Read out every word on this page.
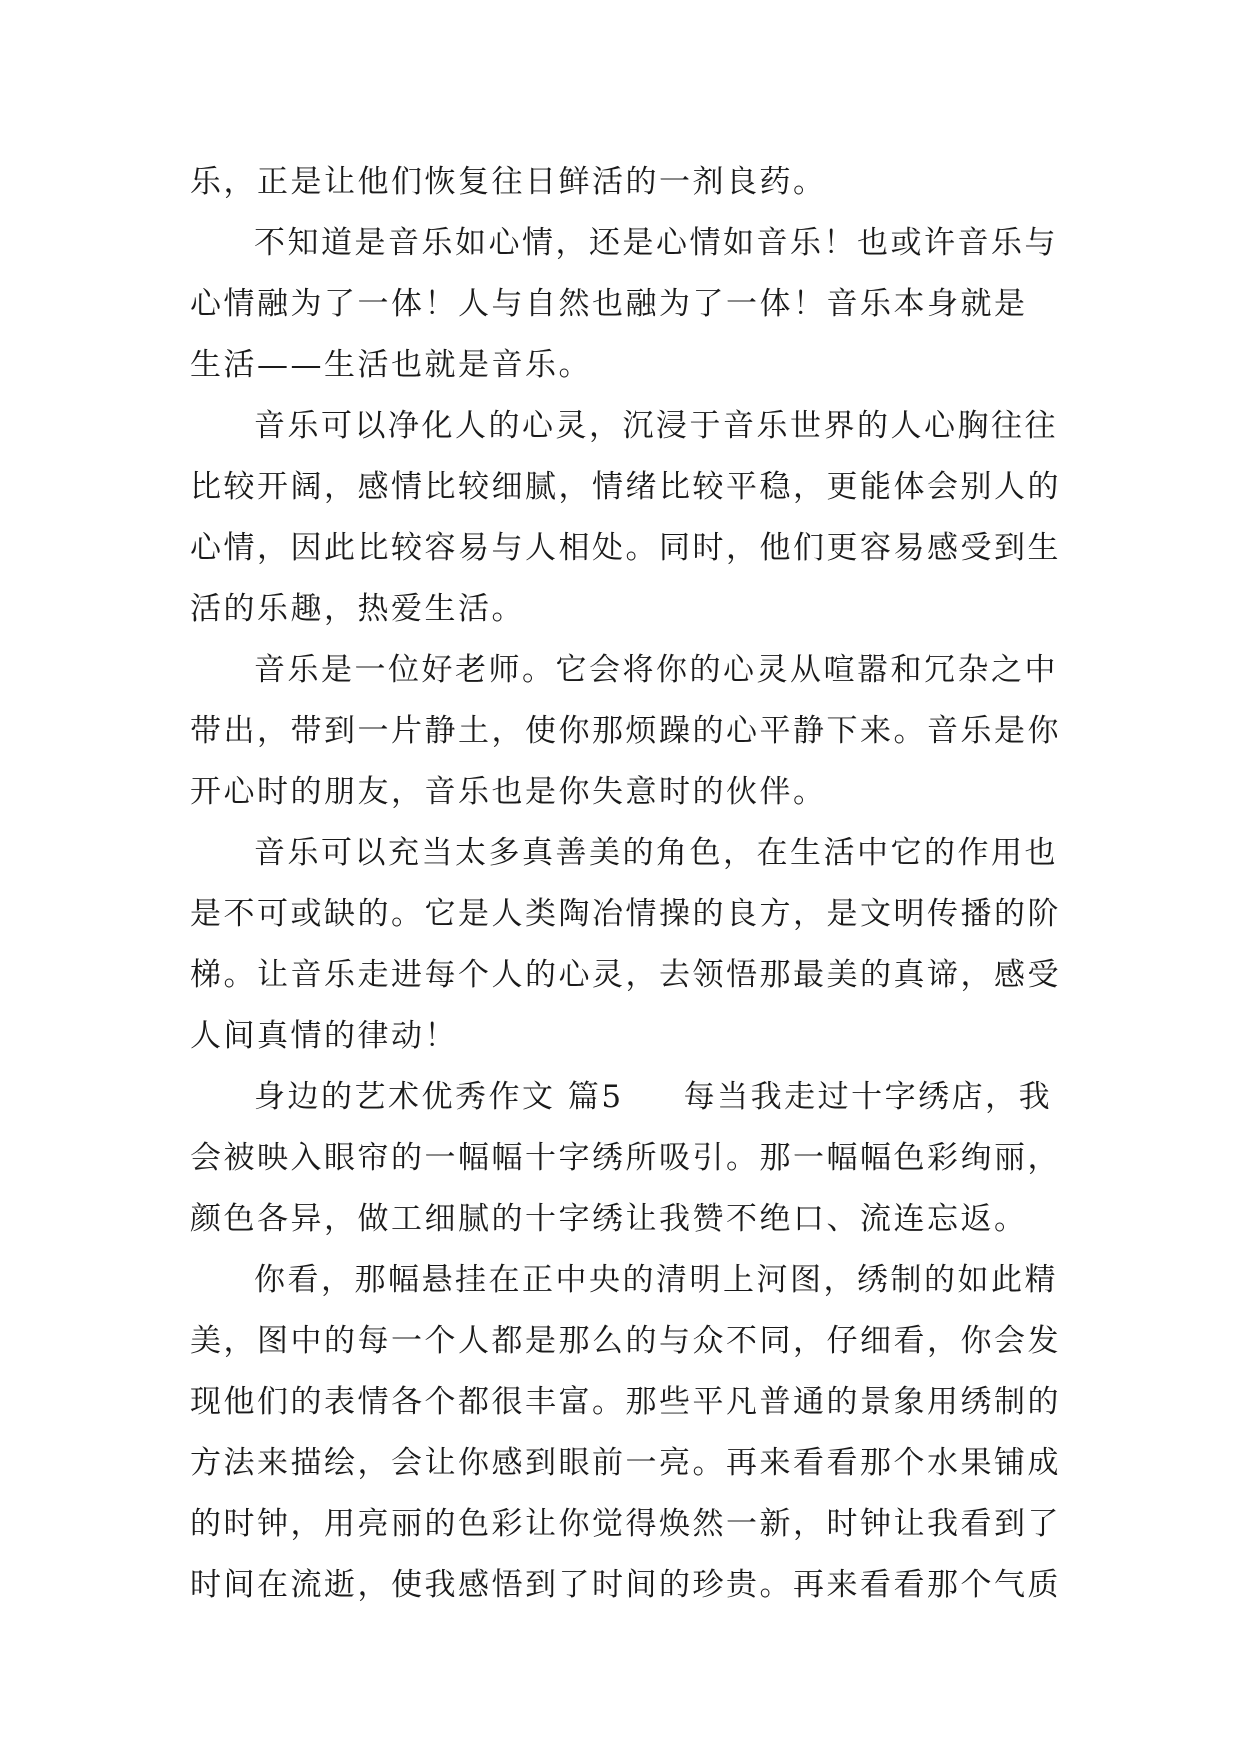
乐，正是让他们恢复往日鲜活的一剂良药。
不知道是音乐如心情，还是心情如音乐！也或许音乐与
心情融为了一体！人与自然也融为了一体！音乐本身就是
生活——生活也就是音乐。
音乐可以净化人的心灵，沉浸于音乐世界的人心胸往往
比较开阔，感情比较细腻，情绪比较平稳，更能体会别人的
心情，因此比较容易与人相处。同时，他们更容易感受到生
活的乐趣，热爱生活。
音乐是一位好老师。它会将你的心灵从喧嚣和冗杂之中
带出，带到一片静土，使你那烦躁的心平静下来。音乐是你
开心时的朋友，音乐也是你失意时的伙伴。
音乐可以充当太多真善美的角色，在生活中它的作用也
是不可或缺的。它是人类陶冶情操的良方，是文明传播的阶
梯。让音乐走进每个人的心灵，去领悟那最美的真谛，感受
人间真情的律动！
身边的艺术优秀作文 篇5 每当我走过十字绣店，我
会被映入眼帘的一幅幅十字绣所吸引。那一幅幅色彩绚丽，
颜色各异，做工细腻的十字绣让我赞不绝口、流连忘返。
你看，那幅悬挂在正中央的清明上河图，绣制的如此精
美，图中的每一个人都是那么的与众不同，仔细看，你会发
现他们的表情各个都很丰富。那些平凡普通的景象用绣制的
方法来描绘，会让你感到眼前一亮。再来看看那个水果铺成
的时钟，用亮丽的色彩让你觉得焕然一新，时钟让我看到了
时间在流逝，使我感悟到了时间的珍贵。再来看看那个气质
